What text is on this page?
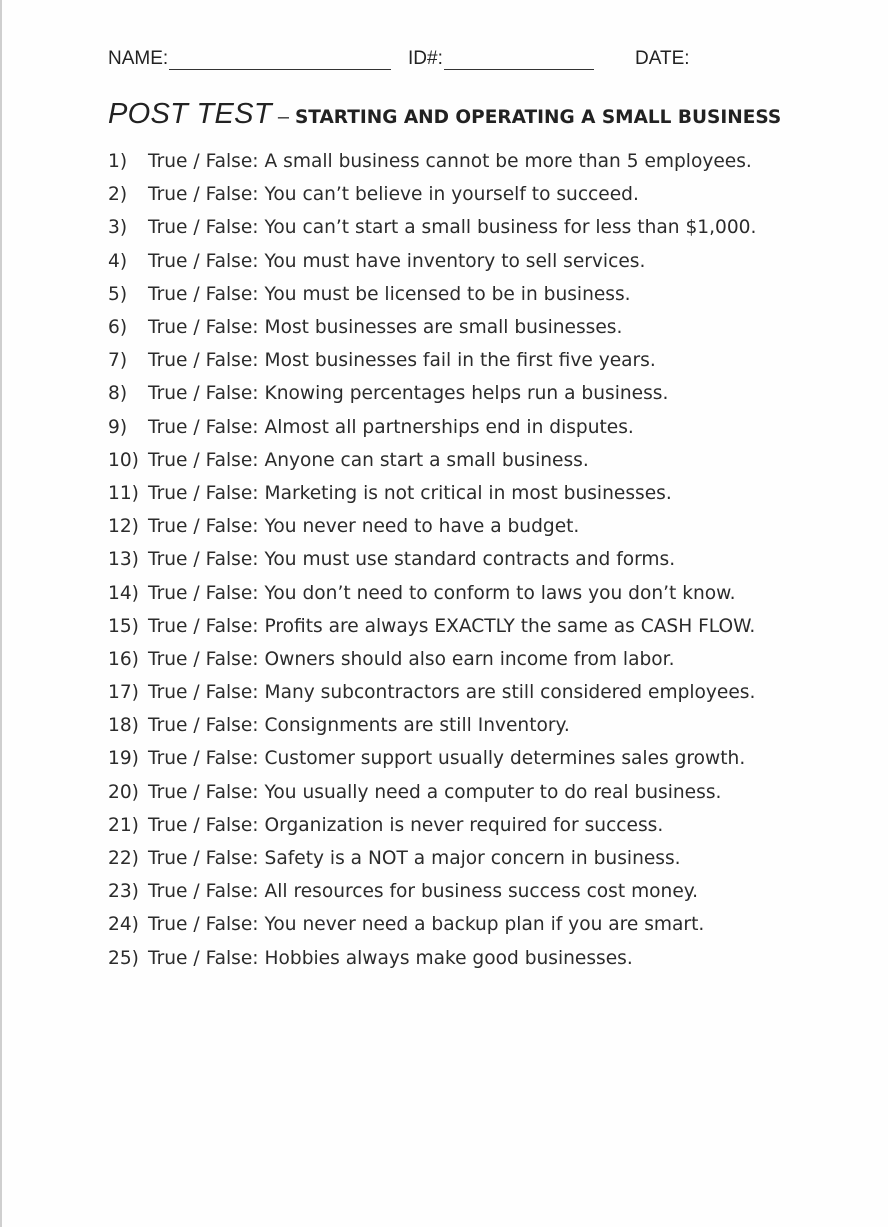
NAME:	ID#:	DATE:
POST TEST – STARTING AND OPERATING A SMALL BUSINESS
1)	True / False: A small business cannot be more than 5 employees.
2)	True / False: You can’t believe in yourself to succeed.
3)	True / False: You can’t start a small business for less than $1,000.
4)	True / False: You must have inventory to sell services.
5)	True / False: You must be licensed to be in business.
6)	True / False: Most businesses are small businesses.
7)	True / False: Most businesses fail in the first five years.
8)	True / False: Knowing percentages helps run a business.
9)	True / False: Almost all partnerships end in disputes.
10) True / False: Anyone can start a small business.
11) True / False: Marketing is not critical in most businesses.
12) True / False: You never need to have a budget.
13) True / False: You must use standard contracts and forms.
14) True / False: You don’t need to conform to laws you don’t know.
15) True / False: Profits are always EXACTLY the same as CASH FLOW.
16) True / False: Owners should also earn income from labor.
17) True / False: Many subcontractors are still considered employees.
18) True / False: Consignments are still Inventory.
19) True / False: Customer support usually determines sales growth.
20) True / False: You usually need a computer to do real business.
21) True / False: Organization is never required for success.
22) True / False: Safety is a NOT a major concern in business.
23) True / False: All resources for business success cost money.
24) True / False: You never need a backup plan if you are smart.
25) True / False: Hobbies always make good businesses.
